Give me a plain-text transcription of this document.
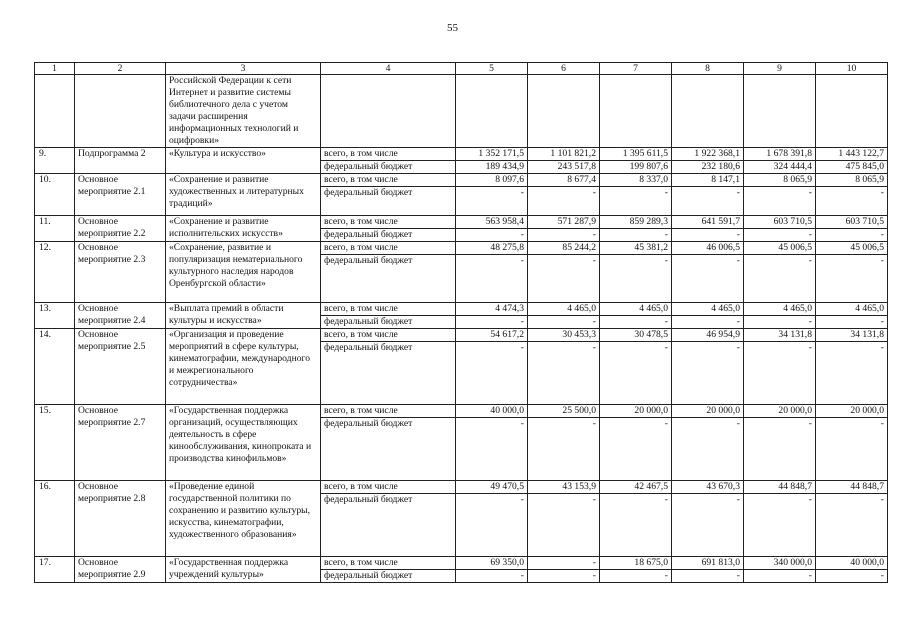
55
1	2	3	4	5	6	7	8	9	10
		Российской Федерации к сети Интернет и развитие системы библиотечного дела с учетом задачи расширения информационных технологий и оцифровки»							
9.	Подпрограмма 2	«Культура и искусство»	всего, в том числе	1 352 171,5	1 101 821,2	1 395 611,5	1 922 368,1	1 678 391,8	1 443 122,7
			федеральный бюджет	189 434,9	243 517,8	199 807,6	232 180,6	324 444,4	475 845,0
10.	Основное мероприятие 2.1	«Сохранение и развитие художественных и литературных традиций»	всего, в том числе	8 097,6	8 677,4	8 337,0	8 147,1	8 065,9	8 065,9
			федеральный бюджет	-	-	-	-	-	-
11.	Основное мероприятие 2.2	«Сохранение и развитие исполнительских искусств»	всего, в том числе	563 958,4	571 287,9	859 289,3	641 591,7	603 710,5	603 710,5
			федеральный бюджет	-	-	-	-	-	-
12.	Основное мероприятие 2.3	«Сохранение, развитие и популяризация нематериального культурного наследия народов Оренбургской области»	всего, в том числе	48 275,8	85 244,2	45 381,2	46 006,5	45 006,5	45 006,5
			федеральный бюджет	-	-	-	-	-	-
13.	Основное мероприятие 2.4	«Выплата премий в области культуры и искусства»	всего, в том числе	4 474,3	4 465,0	4 465,0	4 465,0	4 465,0	4 465,0
			федеральный бюджет	-	-	-	-	-	-
14.	Основное мероприятие 2.5	«Организация и проведение мероприятий в сфере культуры, кинематографии, международного и межрегионального сотрудничества»	всего, в том числе	54 617,2	30 453,3	30 478,5	46 954,9	34 131,8	34 131,8
			федеральный бюджет	-	-	-	-	-	-
15.	Основное мероприятие 2.7	«Государственная поддержка организаций, осуществляющих деятельность в сфере кинообслуживания, кинопроката и производства кинофильмов»	всего, в том числе	40 000,0	25 500,0	20 000,0	20 000,0	20 000,0	20 000,0
			федеральный бюджет	-	-	-	-	-	-
16.	Основное мероприятие 2.8	«Проведение единой государственной политики по сохранению и развитию культуры, искусства, кинематографии, художественного образования»	всего, в том числе	49 470,5	43 153,9	42 467,5	43 670,3	44 848,7	44 848,7
			федеральный бюджет	-	-	-	-	-	-
17.	Основное мероприятие 2.9	«Государственная поддержка учреждений культуры»	всего, в том числе	69 350,0	-	18 675,0	691 813,0	340 000,0	40 000,0
			федеральный бюджет	-	-	-	-	-	-
